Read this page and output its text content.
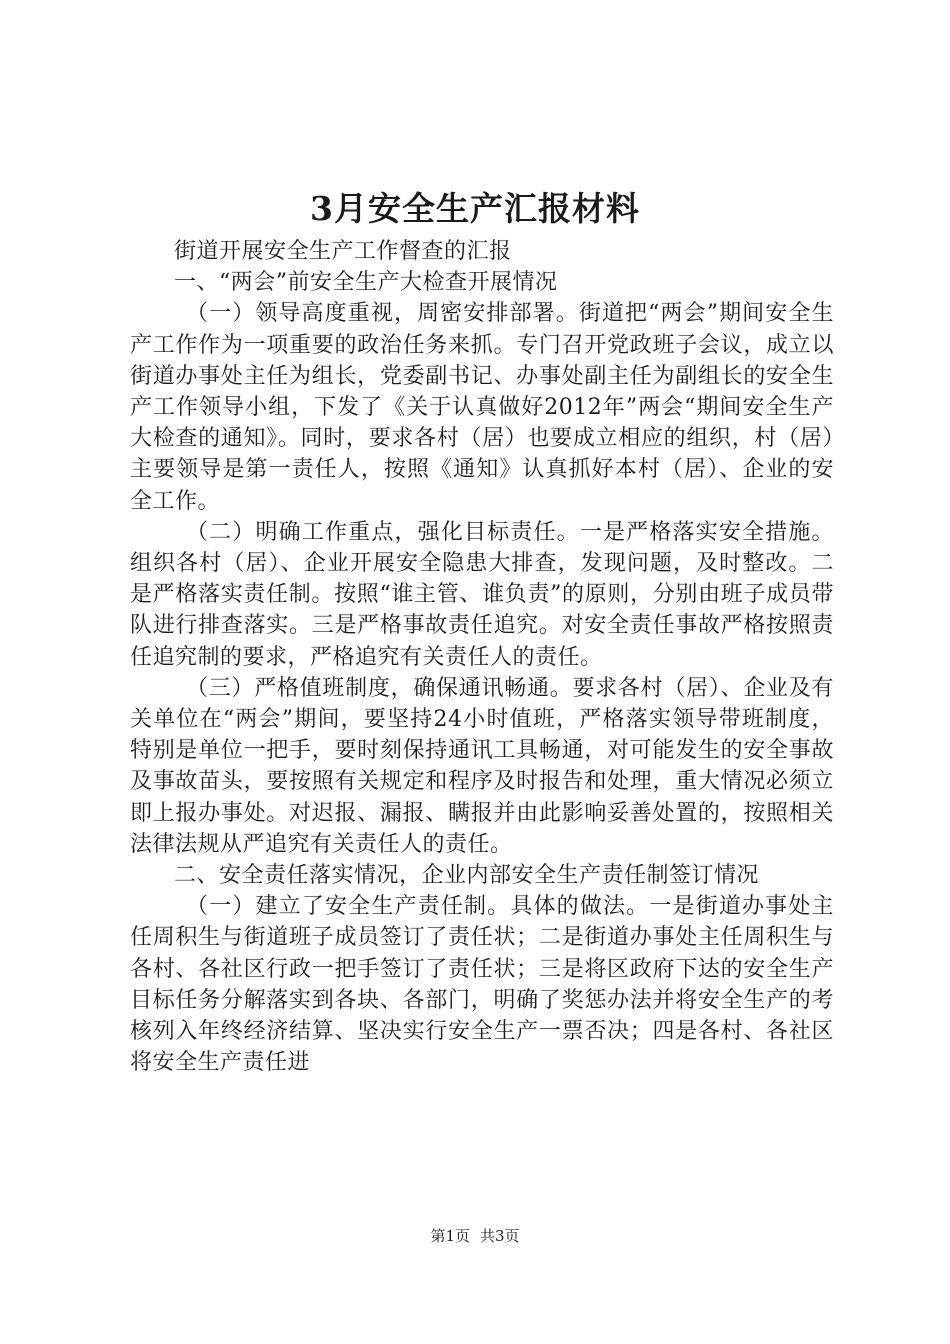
3月安全生产汇报材料

街道开展安全生产工作督查的汇报

一、“两会”前安全生产大检查开展情况

（一）领导高度重视，周密安排部署。街道把“两会”期间安全生产工作作为一项重要的政治任务来抓。专门召开党政班子会议，成立以街道办事处主任为组长，党委副书记、办事处副主任为副组长的安全生产工作领导小组，下发了《关于认真做好2012年”两会“期间安全生产大检查的通知》。同时，要求各村（居）也要成立相应的组织，村（居）主要领导是第一责任人，按照《通知》认真抓好本村（居）、企业的安全工作。

（二）明确工作重点，强化目标责任。一是严格落实安全措施。组织各村（居）、企业开展安全隐患大排查，发现问题，及时整改。二是严格落实责任制。按照“谁主管、谁负责”的原则，分别由班子成员带队进行排查落实。三是严格事故责任追究。对安全责任事故严格按照责任追究制的要求，严格追究有关责任人的责任。

（三）严格值班制度，确保通讯畅通。要求各村（居）、企业及有关单位在“两会”期间，要坚持24小时值班，严格落实领导带班制度，特别是单位一把手，要时刻保持通讯工具畅通，对可能发生的安全事故及事故苗头，要按照有关规定和程序及时报告和处理，重大情况必须立即上报办事处。对迟报、漏报、瞒报并由此影响妥善处置的，按照相关法律法规从严追究有关责任人的责任。

二、安全责任落实情况，企业内部安全生产责任制签订情况

（一）建立了安全生产责任制。具体的做法。一是街道办事处主任周积生与街道班子成员签订了责任状；二是街道办事处主任周积生与各村、各社区行政一把手签订了责任状；三是将区政府下达的安全生产目标任务分解落实到各块、各部门，明确了奖惩办法并将安全生产的考核列入年终经济结算、坚决实行安全生产一票否决；四是各村、各社区将安全生产责任进

第1页 共3页
